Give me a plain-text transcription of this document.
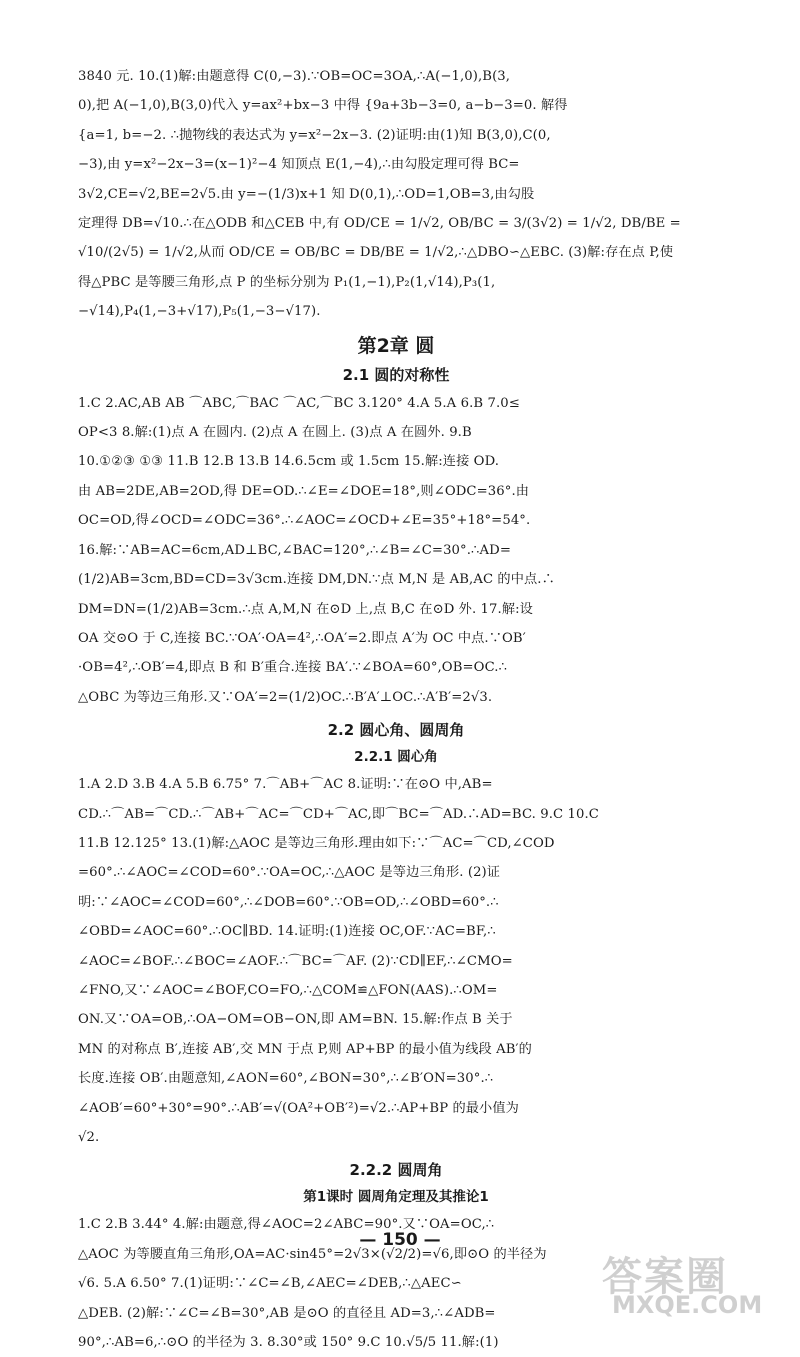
3840 元. 10.(1)解:由题意得 C(0,−3).∵OB=OC=3OA,∴A(−1,0),B(3,
0),把 A(−1,0),B(3,0)代入 y=ax²+bx−3 中得 {9a+3b−3=0, a−b−3=0. 解得
{a=1, b=−2. ∴抛物线的表达式为 y=x²−2x−3. (2)证明:由(1)知 B(3,0),C(0,
−3),由 y=x²−2x−3=(x−1)²−4 知顶点 E(1,−4),∴由勾股定理可得 BC=
3√2,CE=√2,BE=2√5.由 y=−(1/3)x+1 知 D(0,1),∴OD=1,OB=3,由勾股
定理得 DB=√10.∴在△ODB 和△CEB 中,有 OD/CE = 1/√2, OB/BC = 3/(3√2) = 1/√2, DB/BE =
√10/(2√5) = 1/√2,从而 OD/CE = OB/BC = DB/BE = 1/√2,∴△DBO∽△EBC. (3)解:存在点 P,使
得△PBC 是等腰三角形,点 P 的坐标分别为 P₁(1,−1),P₂(1,√14),P₃(1,
−√14),P₄(1,−3+√17),P₅(1,−3−√17).
第2章 圆
2.1 圆的对称性
1.C 2.AC,AB AB ⌒ABC,⌒BAC ⌒AC,⌒BC 3.120° 4.A 5.A 6.B 7.0≤
OP<3 8.解:(1)点 A 在圆内. (2)点 A 在圆上. (3)点 A 在圆外. 9.B
10.①②③ ①③ 11.B 12.B 13.B 14.6.5cm 或 1.5cm 15.解:连接 OD.
由 AB=2DE,AB=2OD,得 DE=OD.∴∠E=∠DOE=18°,则∠ODC=36°.由
OC=OD,得∠OCD=∠ODC=36°.∴∠AOC=∠OCD+∠E=35°+18°=54°.
16.解:∵AB=AC=6cm,AD⊥BC,∠BAC=120°,∴∠B=∠C=30°.∴AD=
(1/2)AB=3cm,BD=CD=3√3cm.连接 DM,DN.∵点 M,N 是 AB,AC 的中点.∴
DM=DN=(1/2)AB=3cm.∴点 A,M,N 在⊙D 上,点 B,C 在⊙D 外. 17.解:设
OA 交⊙O 于 C,连接 BC.∵OA′·OA=4²,∴OA′=2.即点 A′为 OC 中点.∵OB′
·OB=4²,∴OB′=4,即点 B 和 B′重合.连接 BA′.∵∠BOA=60°,OB=OC.∴
△OBC 为等边三角形.又∵OA′=2=(1/2)OC.∴B′A′⊥OC.∴A′B′=2√3.
2.2 圆心角、圆周角
2.2.1 圆心角
1.A 2.D 3.B 4.A 5.B 6.75° 7.⌒AB+⌒AC 8.证明:∵在⊙O 中,AB=
CD.∴⌒AB=⌒CD.∴⌒AB+⌒AC=⌒CD+⌒AC,即⌒BC=⌒AD.∴AD=BC. 9.C 10.C
11.B 12.125° 13.(1)解:△AOC 是等边三角形.理由如下:∵⌒AC=⌒CD,∠COD
=60°.∴∠AOC=∠COD=60°.∵OA=OC,∴△AOC 是等边三角形. (2)证
明:∵∠AOC=∠COD=60°,∴∠DOB=60°.∵OB=OD,∴∠OBD=60°.∴
∠OBD=∠AOC=60°.∴OC∥BD. 14.证明:(1)连接 OC,OF.∵AC=BF,∴
∠AOC=∠BOF.∴∠BOC=∠AOF.∴⌒BC=⌒AF. (2)∵CD∥EF,∴∠CMO=
∠FNO,又∵∠AOC=∠BOF,CO=FO,∴△COM≌△FON(AAS).∴OM=
ON.又∵OA=OB,∴OA−OM=OB−ON,即 AM=BN. 15.解:作点 B 关于
MN 的对称点 B′,连接 AB′,交 MN 于点 P,则 AP+BP 的最小值为线段 AB′的
长度.连接 OB′.由题意知,∠AON=60°,∠BON=30°,∴∠B′ON=30°.∴
∠AOB′=60°+30°=90°.∴AB′=√(OA²+OB′²)=√2.∴AP+BP 的最小值为
√2.
2.2.2 圆周角
第1课时 圆周角定理及其推论1
1.C 2.B 3.44° 4.解:由题意,得∠AOC=2∠ABC=90°.又∵OA=OC,∴
△AOC 为等腰直角三角形,OA=AC·sin45°=2√3×(√2/2)=√6,即⊙O 的半径为
√6. 5.A 6.50° 7.(1)证明:∵∠C=∠B,∠AEC=∠DEB,∴△AEC∽
△DEB. (2)解:∵∠C=∠B=30°,AB 是⊙O 的直径且 AD=3,∴∠ADB=
90°,∴AB=6,∴⊙O 的半径为 3. 8.30°或 150° 9.C 10.√5/5 11.解:(1)
— 150 —
答案圈
MXQE.COM
